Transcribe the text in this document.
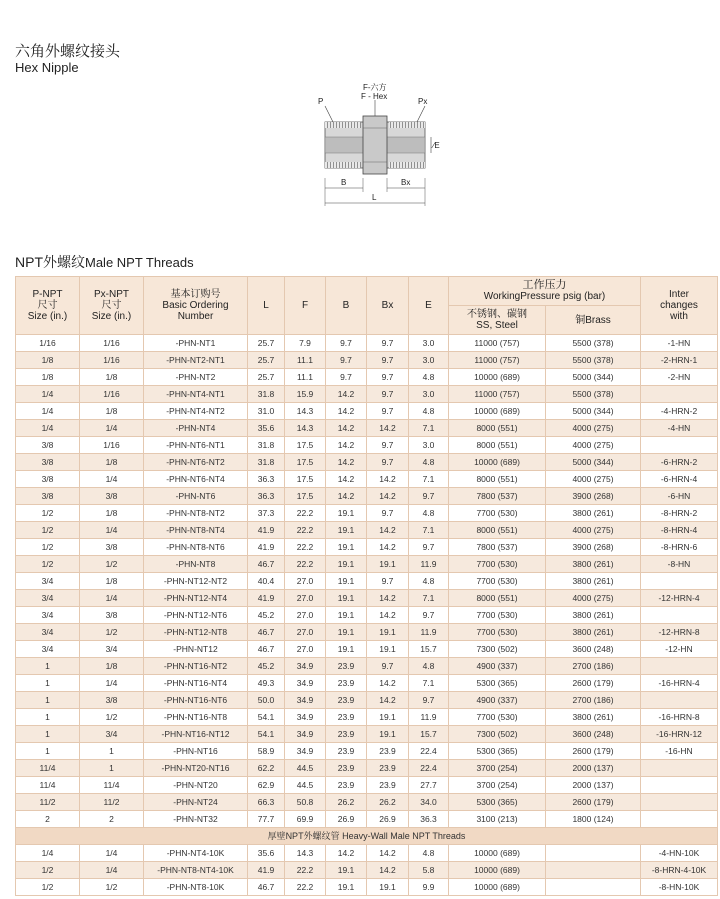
六角外螺纹接头
Hex Nipple
P
F-六方
F - Hex
Px
∕E
B	Bx
L
NPT外螺纹Male NPT Threads
P-NPT
尺寸
Size (in.)	Px-NPT
尺寸
Size (in.)	基本订购号
Basic Ordering
Number	L	F	B	Bx	E	工作压力
WorkingPressure psig (bar)		Inter
changes
with
								不锈钢、碳钢
SS, Steel	铜Brass	
1/16	1/16	-PHN-NT1	25.7	7.9	9.7	9.7	3.0	11000 (757)	5500 (378)	-1-HN
1/8	1/16	-PHN-NT2-NT1	25.7	11.1	9.7	9.7	3.0	11000 (757)	5500 (378)	-2-HRN-1
1/8	1/8	-PHN-NT2	25.7	11.1	9.7	9.7	4.8	10000 (689)	5000 (344)	-2-HN
1/4	1/16	-PHN-NT4-NT1	31.8	15.9	14.2	9.7	3.0	11000 (757)	5500 (378)	
1/4	1/8	-PHN-NT4-NT2	31.0	14.3	14.2	9.7	4.8	10000 (689)	5000 (344)	-4-HRN-2
1/4	1/4	-PHN-NT4	35.6	14.3	14.2	14.2	7.1	8000 (551)	4000 (275)	-4-HN
3/8	1/16	-PHN-NT6-NT1	31.8	17.5	14.2	9.7	3.0	8000 (551)	4000 (275)	
3/8	1/8	-PHN-NT6-NT2	31.8	17.5	14.2	9.7	4.8	10000 (689)	5000 (344)	-6-HRN-2
3/8	1/4	-PHN-NT6-NT4	36.3	17.5	14.2	14.2	7.1	8000 (551)	4000 (275)	-6-HRN-4
3/8	3/8	-PHN-NT6	36.3	17.5	14.2	14.2	9.7	7800 (537)	3900 (268)	-6-HN
1/2	1/8	-PHN-NT8-NT2	37.3	22.2	19.1	9.7	4.8	7700 (530)	3800 (261)	-8-HRN-2
1/2	1/4	-PHN-NT8-NT4	41.9	22.2	19.1	14.2	7.1	8000 (551)	4000 (275)	-8-HRN-4
1/2	3/8	-PHN-NT8-NT6	41.9	22.2	19.1	14.2	9.7	7800 (537)	3900 (268)	-8-HRN-6
1/2	1/2	-PHN-NT8	46.7	22.2	19.1	19.1	11.9	7700 (530)	3800 (261)	-8-HN
3/4	1/8	-PHN-NT12-NT2	40.4	27.0	19.1	9.7	4.8	7700 (530)	3800 (261)	
3/4	1/4	-PHN-NT12-NT4	41.9	27.0	19.1	14.2	7.1	8000 (551)	4000 (275)	-12-HRN-4
3/4	3/8	-PHN-NT12-NT6	45.2	27.0	19.1	14.2	9.7	7700 (530)	3800 (261)	
3/4	1/2	-PHN-NT12-NT8	46.7	27.0	19.1	19.1	11.9	7700 (530)	3800 (261)	-12-HRN-8
3/4	3/4	-PHN-NT12	46.7	27.0	19.1	19.1	15.7	7300 (502)	3600 (248)	-12-HN
1	1/8	-PHN-NT16-NT2	45.2	34.9	23.9	9.7	4.8	4900 (337)	2700 (186)	
1	1/4	-PHN-NT16-NT4	49.3	34.9	23.9	14.2	7.1	5300 (365)	2600 (179)	-16-HRN-4
1	3/8	-PHN-NT16-NT6	50.0	34.9	23.9	14.2	9.7	4900 (337)	2700 (186)	
1	1/2	-PHN-NT16-NT8	54.1	34.9	23.9	19.1	11.9	7700 (530)	3800 (261)	-16-HRN-8
1	3/4	-PHN-NT16-NT12	54.1	34.9	23.9	19.1	15.7	7300 (502)	3600 (248)	-16-HRN-12
1	1	-PHN-NT16	58.9	34.9	23.9	23.9	22.4	5300 (365)	2600 (179)	-16-HN
11/4	1	-PHN-NT20-NT16	62.2	44.5	23.9	23.9	22.4	3700 (254)	2000 (137)	
11/4	11/4	-PHN-NT20	62.9	44.5	23.9	23.9	27.7	3700 (254)	2000 (137)	
11/2	11/2	-PHN-NT24	66.3	50.8	26.2	26.2	34.0	5300 (365)	2600 (179)	
2	2	-PHN-NT32	77.7	69.9	26.9	26.9	36.3	3100 (213)	1800 (124)	
厚壁NPT外螺纹管 Heavy-Wall Male NPT Threads										
1/4	1/4	-PHN-NT4-10K	35.6	14.3	14.2	14.2	4.8	10000 (689)		-4-HN-10K
1/2	1/4	-PHN-NT8-NT4-10K	41.9	22.2	19.1	14.2	5.8	10000 (689)		-8-HRN-4-10K
1/2	1/2	-PHN-NT8-10K	46.7	22.2	19.1	19.1	9.9	10000 (689)		-8-HN-10K
